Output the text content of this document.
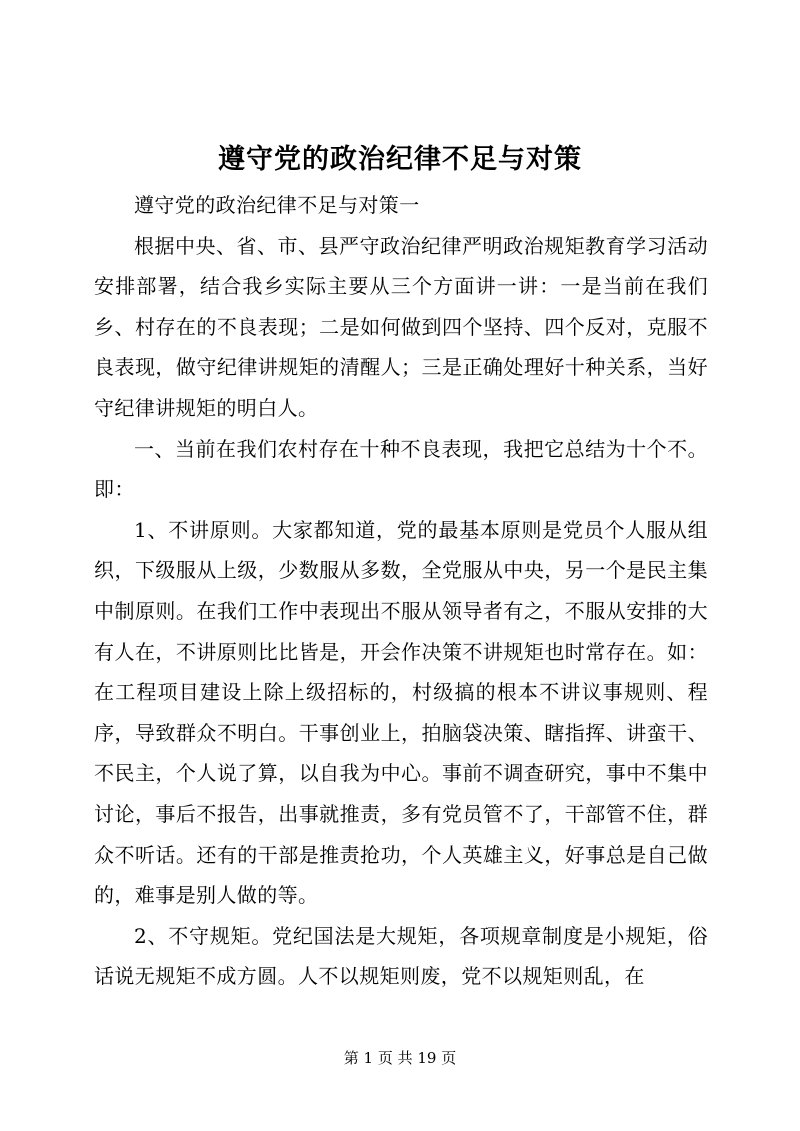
遵守党的政治纪律不足与对策

遵守党的政治纪律不足与对策一

根据中央、省、市、县严守政治纪律严明政治规矩教育学习活动安排部署，结合我乡实际主要从三个方面讲一讲：一是当前在我们乡、村存在的不良表现；二是如何做到四个坚持、四个反对，克服不良表现，做守纪律讲规矩的清醒人；三是正确处理好十种关系，当好守纪律讲规矩的明白人。

一、当前在我们农村存在十种不良表现，我把它总结为十个不。即：

1、不讲原则。大家都知道，党的最基本原则是党员个人服从组织，下级服从上级，少数服从多数，全党服从中央，另一个是民主集中制原则。在我们工作中表现出不服从领导者有之，不服从安排的大有人在，不讲原则比比皆是，开会作决策不讲规矩也时常存在。如：在工程项目建设上除上级招标的，村级搞的根本不讲议事规则、程序，导致群众不明白。干事创业上，拍脑袋决策、瞎指挥、讲蛮干、不民主，个人说了算，以自我为中心。事前不调查研究，事中不集中讨论，事后不报告，出事就推责，多有党员管不了，干部管不住，群众不听话。还有的干部是推责抢功，个人英雄主义，好事总是自己做的，难事是别人做的等。

2、不守规矩。党纪国法是大规矩，各项规章制度是小规矩，俗话说无规矩不成方圆。人不以规矩则废，党不以规矩则乱，在

第 1 页 共 19 页
